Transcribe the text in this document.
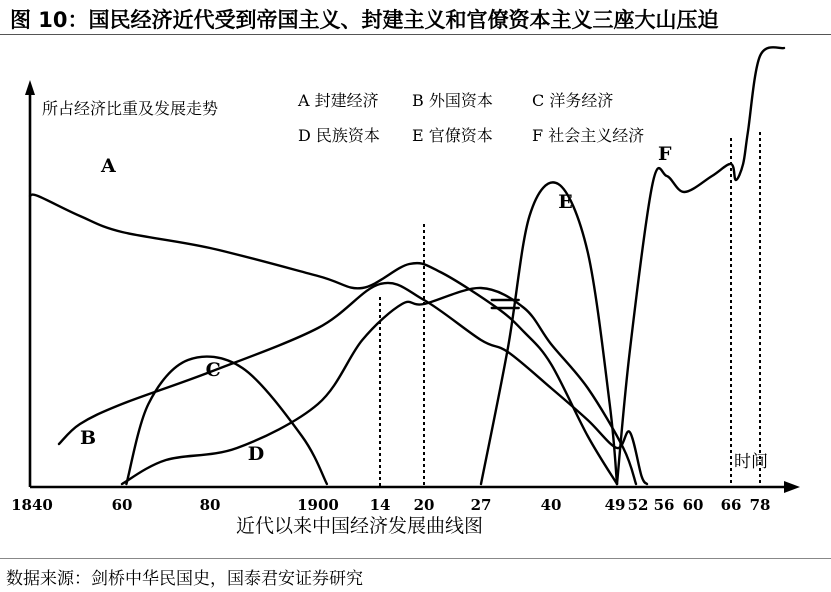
图 10：国民经济近代受到帝国主义、封建主义和官僚资本主义三座大山压迫
所占经济比重及发展走势
近代以来中国经济发展曲线图
时间
A 封建经济 B 外国资本 C 洋务经济
D 民族资本 E 官僚资本 F 社会主义经济
1840	60	80	1900 14 20 27	40	49 52 56 60 66 78
A
B
C
D
E
F
数据来源：剑桥中华民国史，国泰君安证券研究
